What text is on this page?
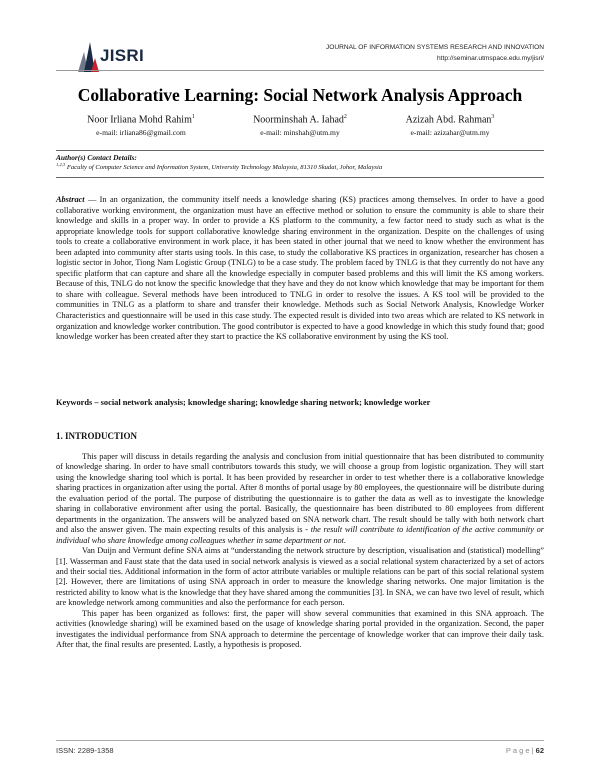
JISRI	JOURNAL OF INFORMATION SYSTEMS RESEARCH AND INNOVATION
http://seminar.utmspace.edu.my/jisri/
Collaborative Learning: Social Network Analysis Approach
Noor Irliana Mohd Rahim$^1$
e-mail: irliana86@gmail.com
Noorminshah A. Iahad$^2$
e-mail: minshah@utm.my
Azizah Abd. Rahman$^3$
e-mail: azizahar@utm.my
Author(s) Contact Details:
$^{1,2,3}$ Faculty of Computer Science and Information System, University Technology Malaysia, 81310 Skudai, Johor, Malaysia

Abstract — In an organization, the community itself needs a knowledge sharing (KS) practices among themselves. In order to have a good collaborative working environment, the organization must have an effective method or solution to ensure the community is able to share their knowledge and skills in a proper way. In order to provide a KS platform to the community, a few factor need to study such as what is the appropriate knowledge tools for support collaborative knowledge sharing environment in the organization. Despite on the challenges of using tools to create a collaborative environment in work place, it has been stated in other journal that we need to know whether the environment has been adapted into community after starts using tools. In this case, to study the collaborative KS practices in organization, researcher has chosen a logistic sector in Johor, Tiong Nam Logistic Group (TNLG) to be a case study. The problem faced by TNLG is that they currently do not have any specific platform that can capture and share all the knowledge especially in computer based problems and this will limit the KS among workers. Because of this, TNLG do not know the specific knowledge that they have and they do not know which knowledge that may be important for them to share with colleague. Several methods have been introduced to TNLG in order to resolve the issues. A KS tool will be provided to the communities in TNLG as a platform to share and transfer their knowledge. Methods such as Social Network Analysis, Knowledge Worker Characteristics and questionnaire will be used in this case study. The expected result is divided into two areas which are related to KS network in organization and knowledge worker contribution. The good contributor is expected to have a good knowledge in which this study found that; good knowledge worker has been created after they start to practice the KS collaborative environment by using the KS tool.

Keywords – social network analysis; knowledge sharing; knowledge sharing network; knowledge worker

1. INTRODUCTION

This paper will discuss in details regarding the analysis and conclusion from initial questionnaire that has been distributed to community of knowledge sharing. In order to have small contributors towards this study, we will choose a group from logistic organization. They will start using the knowledge sharing tool which is portal. It has been provided by researcher in order to test whether there is a collaborative knowledge sharing practices in organization after using the portal. After 8 months of portal usage by 80 employees, the questionnaire will be distribute during the evaluation period of the portal. The purpose of distributing the questionnaire is to gather the data as well as to investigate the knowledge sharing in collaborative environment after using the portal. Basically, the questionnaire has been distributed to 80 employees from different departments in the organization. The answers will be analyzed based on SNA network chart. The result should be tally with both network chart and also the answer given. The main expecting results of this analysis is - the result will contribute to identification of the active community or individual who share knowledge among colleagues whether in same department or not.

Van Duijn and Vermunt define SNA aims at “understanding the network structure by description, visualisation and (statistical) modelling” [1]. Wasserman and Faust state that the data used in social network analysis is viewed as a social relational system characterized by a set of actors and their social ties. Additional information in the form of actor attribute variables or multiple relations can be part of this social relational system [2]. However, there are limitations of using SNA approach in order to measure the knowledge sharing networks. One major limitation is the restricted ability to know what is the knowledge that they have shared among the communities [3]. In SNA, we can have two level of result, which are knowledge network among communities and also the performance for each person.

This paper has been organized as follows: first, the paper will show several communities that examined in this SNA approach. The activities (knowledge sharing) will be examined based on the usage of knowledge sharing portal provided in the organization. Second, the paper investigates the individual performance from SNA approach to determine the percentage of knowledge worker that can improve their daily task. After that, the final results are presented. Lastly, a hypothesis is proposed.

ISSN: 2289-1358	P a g e | 62
